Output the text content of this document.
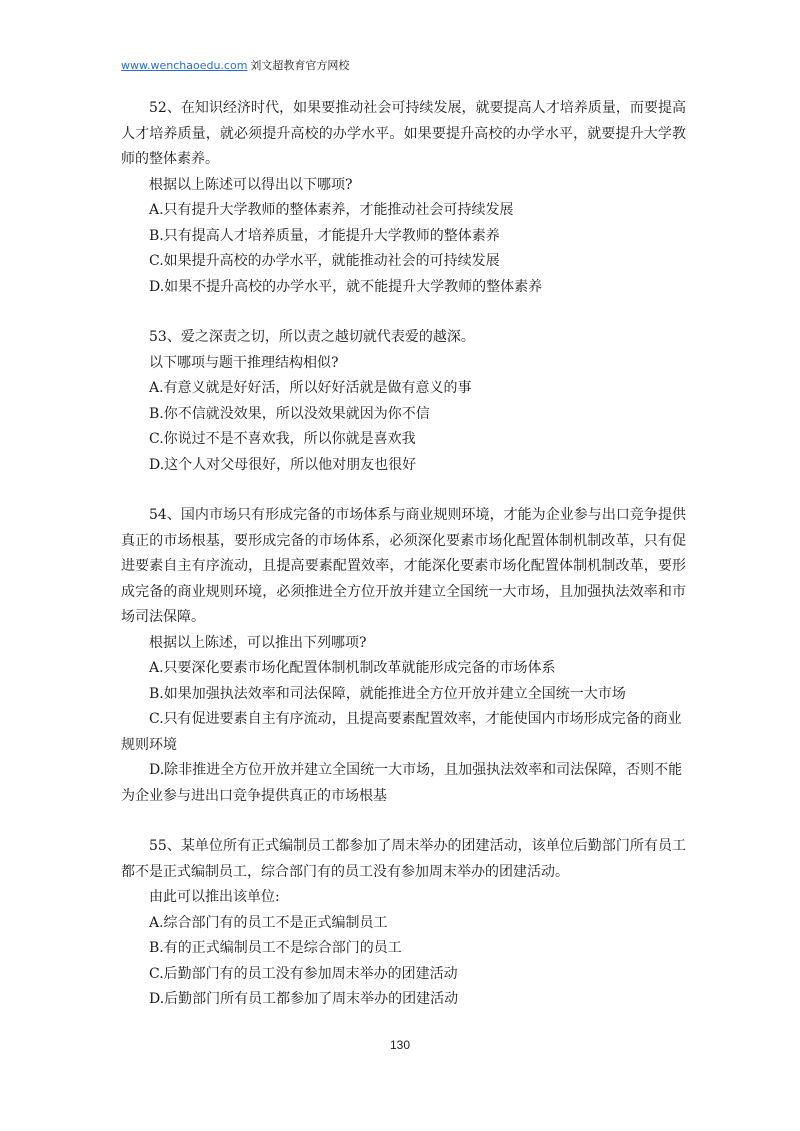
www.wenchaoedu.com 刘文超教育官方网校
52、在知识经济时代，如果要推动社会可持续发展，就要提高人才培养质量，而要提高人才培养质量，就必须提升高校的办学水平。如果要提升高校的办学水平，就要提升大学教师的整体素养。
根据以上陈述可以得出以下哪项?
A.只有提升大学教师的整体素养，才能推动社会可持续发展
B.只有提高人才培养质量，才能提升大学教师的整体素养
C.如果提升高校的办学水平，就能推动社会的可持续发展
D.如果不提升高校的办学水平，就不能提升大学教师的整体素养
53、爱之深责之切，所以责之越切就代表爱的越深。
以下哪项与题干推理结构相似?
A.有意义就是好好活，所以好好活就是做有意义的事
B.你不信就没效果，所以没效果就因为你不信
C.你说过不是不喜欢我，所以你就是喜欢我
D.这个人对父母很好，所以他对朋友也很好
54、国内市场只有形成完备的市场体系与商业规则环境，才能为企业参与出口竞争提供真正的市场根基，要形成完备的市场体系，必须深化要素市场化配置体制机制改革，只有促进要素自主有序流动，且提高要素配置效率，才能深化要素市场化配置体制机制改革，要形成完备的商业规则环境，必须推进全方位开放并建立全国统一大市场，且加强执法效率和市场司法保障。
根据以上陈述，可以推出下列哪项?
A.只要深化要素市场化配置体制机制改革就能形成完备的市场体系
B.如果加强执法效率和司法保障，就能推进全方位开放并建立全国统一大市场
C.只有促进要素自主有序流动，且提高要素配置效率，才能使国内市场形成完备的商业规则环境
D.除非推进全方位开放并建立全国统一大市场，且加强执法效率和司法保障，否则不能为企业参与进出口竞争提供真正的市场根基
55、某单位所有正式编制员工都参加了周末举办的团建活动，该单位后勤部门所有员工都不是正式编制员工，综合部门有的员工没有参加周末举办的团建活动。
由此可以推出该单位:
A.综合部门有的员工不是正式编制员工
B.有的正式编制员工不是综合部门的员工
C.后勤部门有的员工没有参加周末举办的团建活动
D.后勤部门所有员工都参加了周末举办的团建活动
130
